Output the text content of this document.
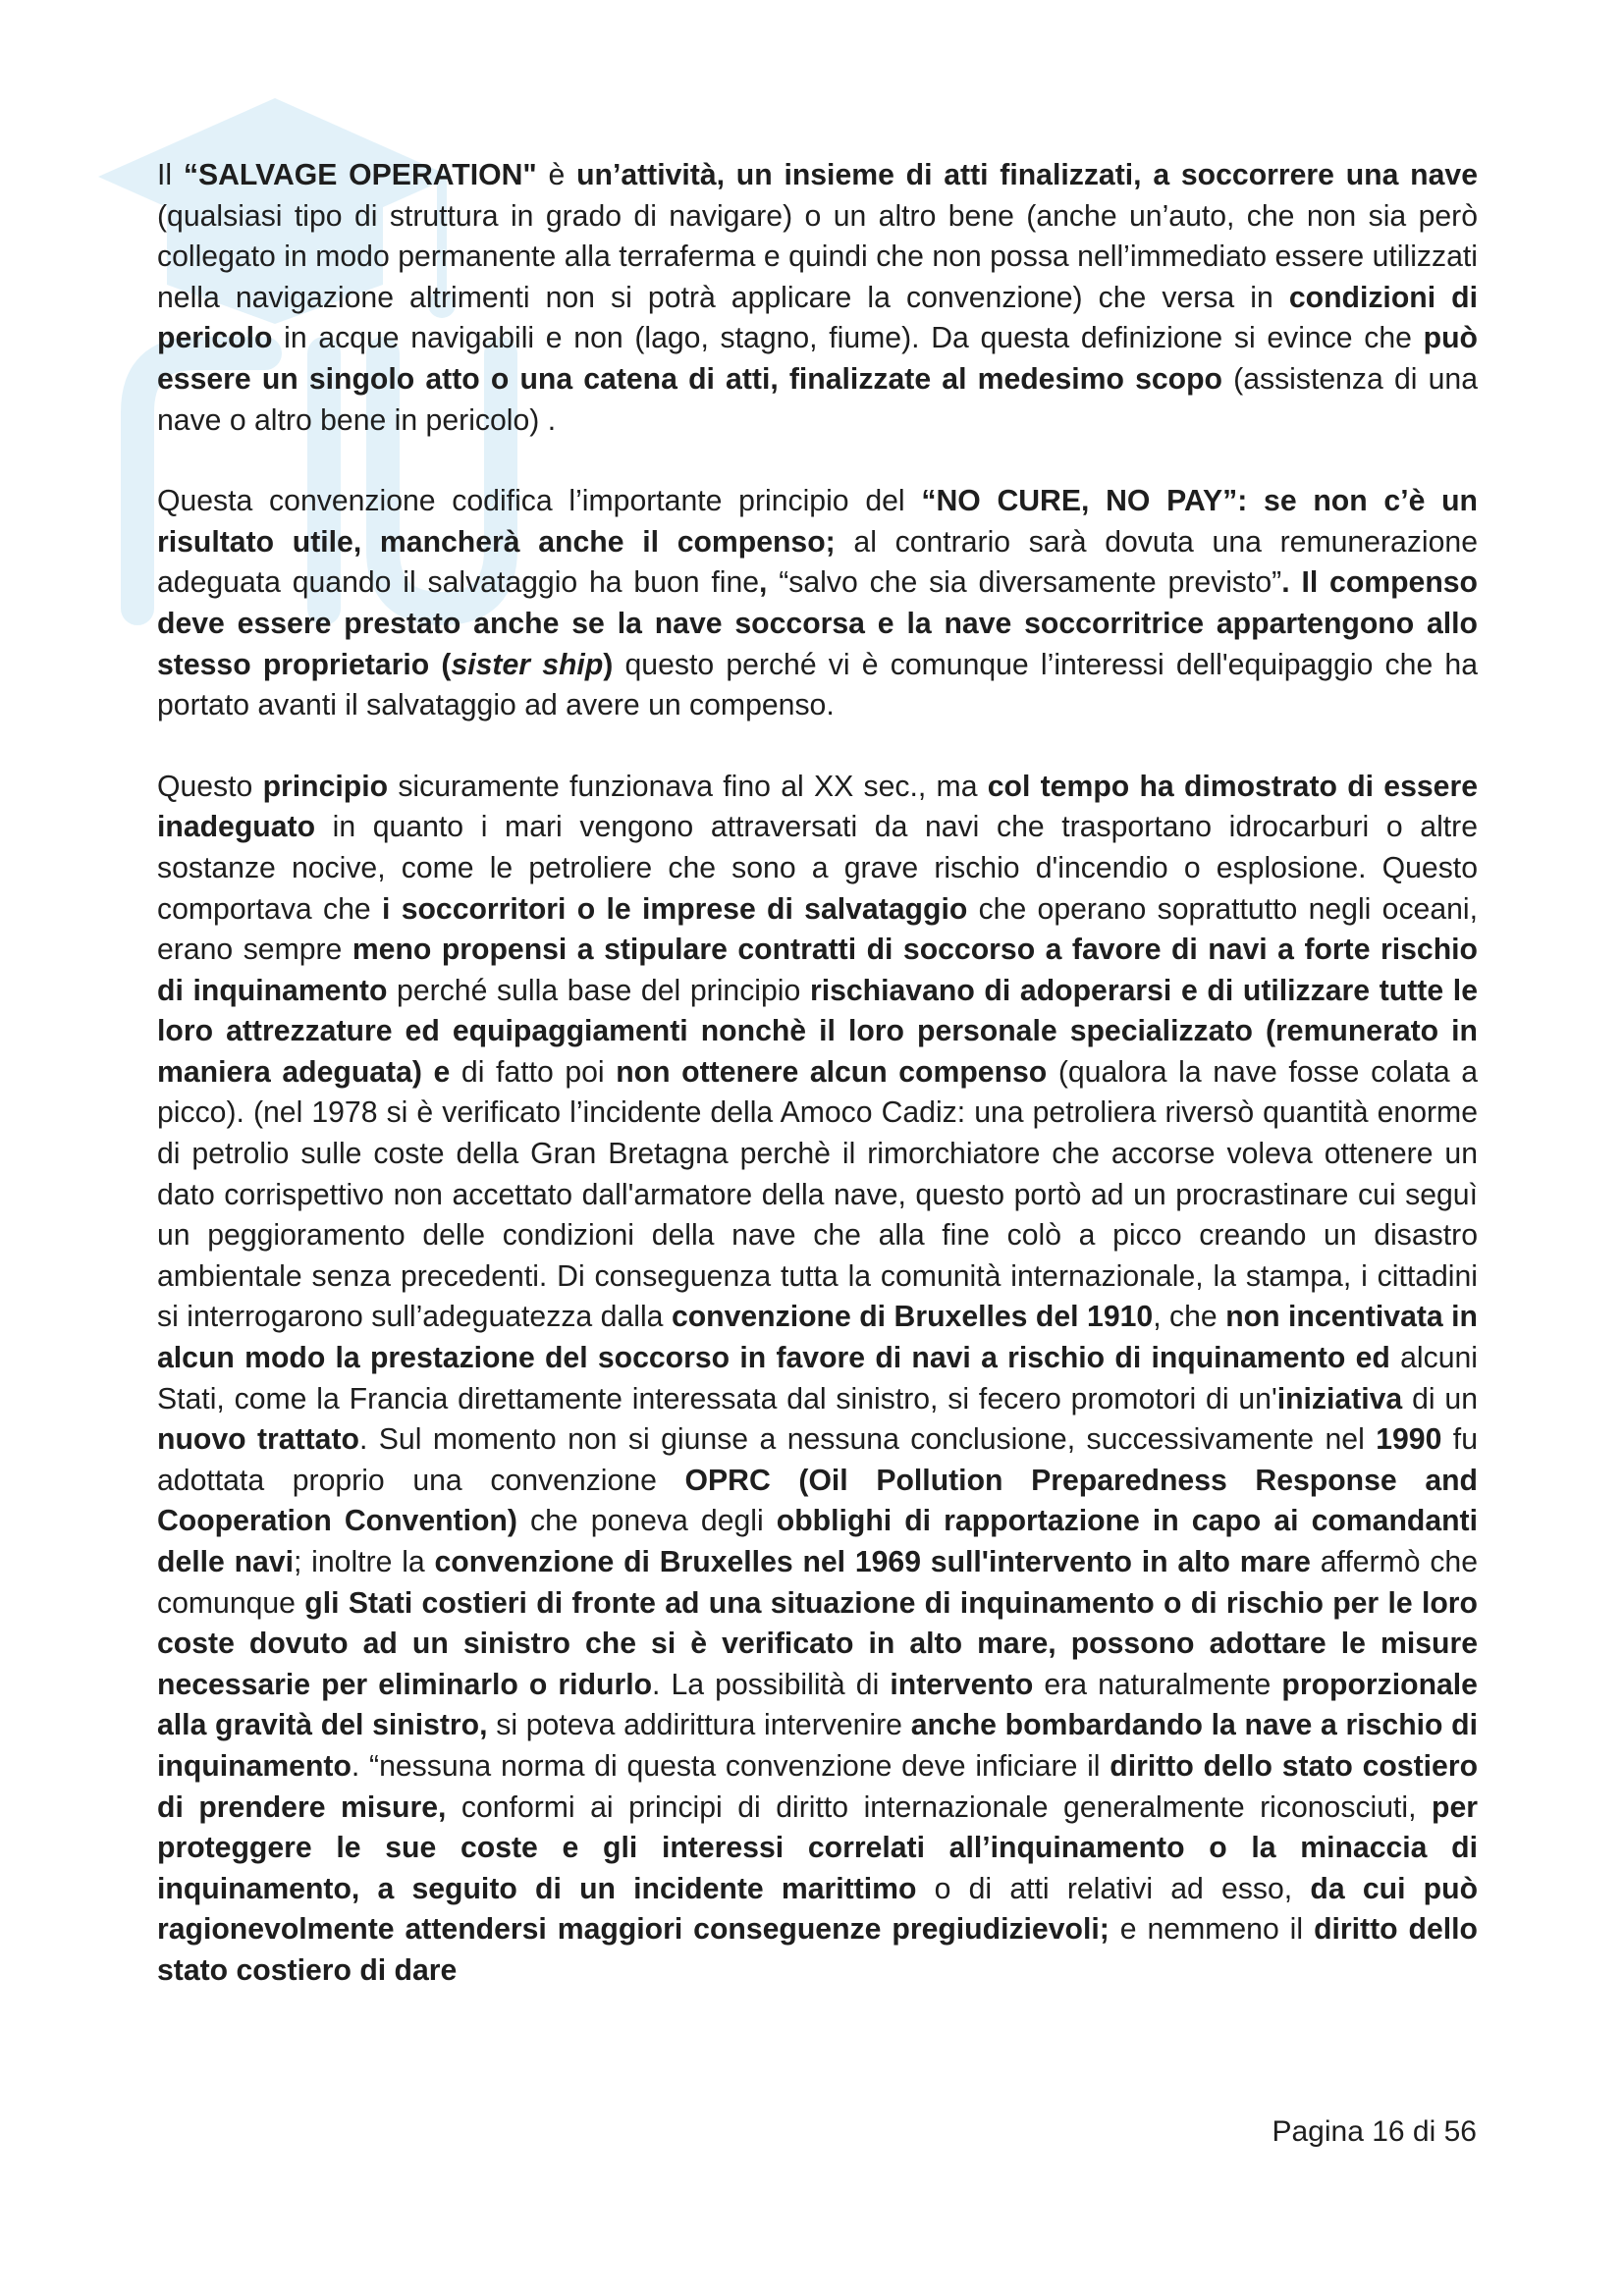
Il “SALVAGE OPERATION" è un’attività, un insieme di atti finalizzati, a soccorrere una nave (qualsiasi tipo di struttura in grado di navigare) o un altro bene (anche un’auto, che non sia però collegato in modo permanente alla terraferma e quindi che non possa nell’immediato essere utilizzati nella navigazione altrimenti non si potrà applicare la convenzione) che versa in condizioni di pericolo in acque navigabili e non (lago, stagno, fiume). Da questa definizione si evince che può essere un singolo atto o una catena di atti, finalizzate al medesimo scopo (assistenza di una nave o altro bene in pericolo) .

Questa convenzione codifica l’importante principio del “NO CURE, NO PAY”: se non c’è un risultato utile, mancherà anche il compenso; al contrario sarà dovuta una remunerazione adeguata quando il salvataggio ha buon fine, “salvo che sia diversamente previsto”. Il compenso deve essere prestato anche se la nave soccorsa e la nave soccorritrice appartengono allo stesso proprietario (sister ship) questo perché vi è comunque l’interessi dell'equipaggio che ha portato avanti il salvataggio ad avere un compenso.

Questo principio sicuramente funzionava fino al XX sec., ma col tempo ha dimostrato di essere inadeguato in quanto i mari vengono attraversati da navi che trasportano idrocarburi o altre sostanze nocive, come le petroliere che sono a grave rischio d'incendio o esplosione. Questo comportava che i soccorritori o le imprese di salvataggio che operano soprattutto negli oceani, erano sempre meno propensi a stipulare contratti di soccorso a favore di navi a forte rischio di inquinamento perché sulla base del principio rischiavano di adoperarsi e di utilizzare tutte le loro attrezzature ed equipaggiamenti nonchè il loro personale specializzato (remunerato in maniera adeguata) e di fatto poi non ottenere alcun compenso (qualora la nave fosse colata a picco). (nel 1978 si è verificato l’incidente della Amoco Cadiz: una petroliera riversò quantità enorme di petrolio sulle coste della Gran Bretagna perchè il rimorchiatore che accorse voleva ottenere un dato corrispettivo non accettato dall'armatore della nave, questo portò ad un procrastinare cui seguì un peggioramento delle condizioni della nave che alla fine colò a picco creando un disastro ambientale senza precedenti. Di conseguenza tutta la comunità internazionale, la stampa, i cittadini si interrogarono sull’adeguatezza dalla convenzione di Bruxelles del 1910, che non incentivata in alcun modo la prestazione del soccorso in favore di navi a rischio di inquinamento ed alcuni Stati, come la Francia direttamente interessata dal sinistro, si fecero promotori di un'iniziativa di un nuovo trattato. Sul momento non si giunse a nessuna conclusione, successivamente nel 1990 fu adottata proprio una convenzione OPRC (Oil Pollution Preparedness Response and Cooperation Convention) che poneva degli obblighi di rapportazione in capo ai comandanti delle navi; inoltre la convenzione di Bruxelles nel 1969 sull'intervento in alto mare affermò che comunque gli Stati costieri di fronte ad una situazione di inquinamento o di rischio per le loro coste dovuto ad un sinistro che si è verificato in alto mare, possono adottare le misure necessarie per eliminarlo o ridurlo. La possibilità di intervento era naturalmente proporzionale alla gravità del sinistro, si poteva addirittura intervenire anche bombardando la nave a rischio di inquinamento. “nessuna norma di questa convenzione deve inficiare il diritto dello stato costiero di prendere misure, conformi ai principi di diritto internazionale generalmente riconosciuti, per proteggere le sue coste e gli interessi correlati all’inquinamento o la minaccia di inquinamento, a seguito di un incidente marittimo o di atti relativi ad esso, da cui può ragionevolmente attendersi maggiori conseguenze pregiudizievoli; e nemmeno il diritto dello stato costiero di dare

Pagina 16 di 56
